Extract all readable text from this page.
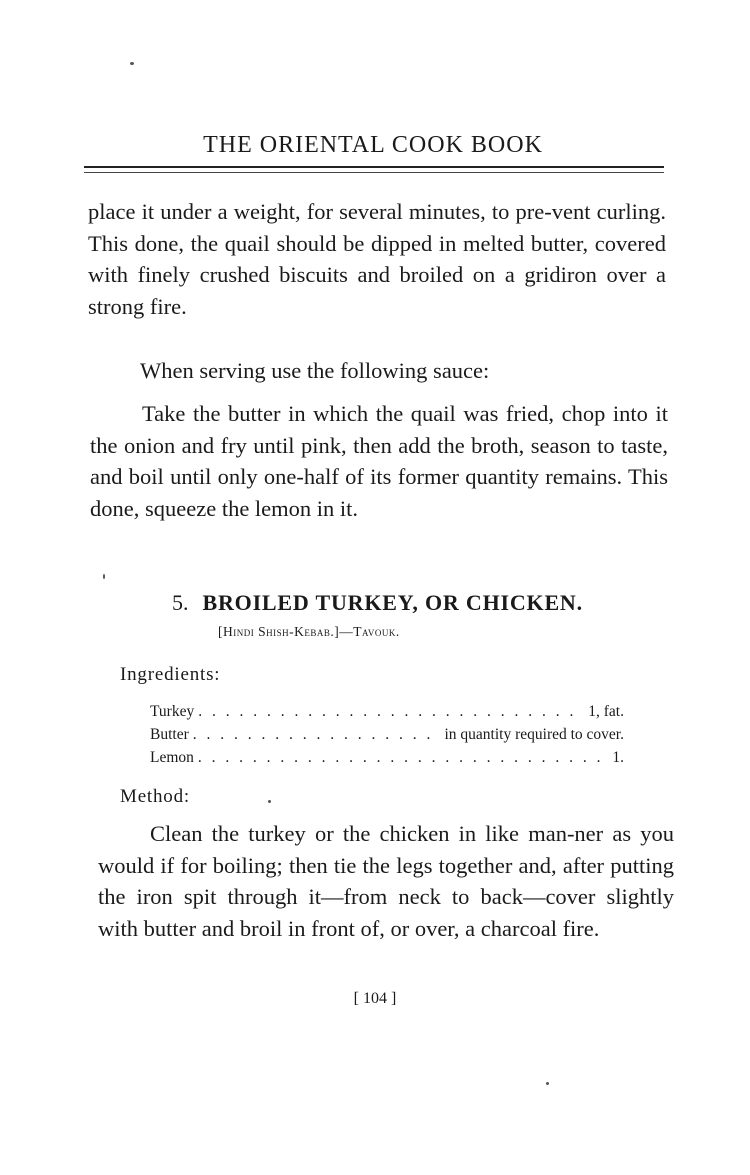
THE ORIENTAL COOK BOOK

place it under a weight, for several minutes, to pre-vent curling. This done, the quail should be dipped in melted butter, covered with finely crushed biscuits and broiled on a gridiron over a strong fire.

When serving use the following sauce:

Take the butter in which the quail was fried, chop into it the onion and fry until pink, then add the broth, season to taste, and boil until only one-half of its former quantity remains. This done, squeeze the lemon in it.

5. BROILED TURKEY, OR CHICKEN.
[Hindi Shish-Kebab.]—Tavouk.
Ingredients:
Turkey . . .	1, fat.
Butter . . .	in quantity required to cover.
Lemon . . .	1.
Method:

Clean the turkey or the chicken in like man-ner as you would if for boiling; then tie the legs together and, after putting the iron spit through it—from neck to back—cover slightly with butter and broil in front of, or over, a charcoal fire.

[ 104 ]
